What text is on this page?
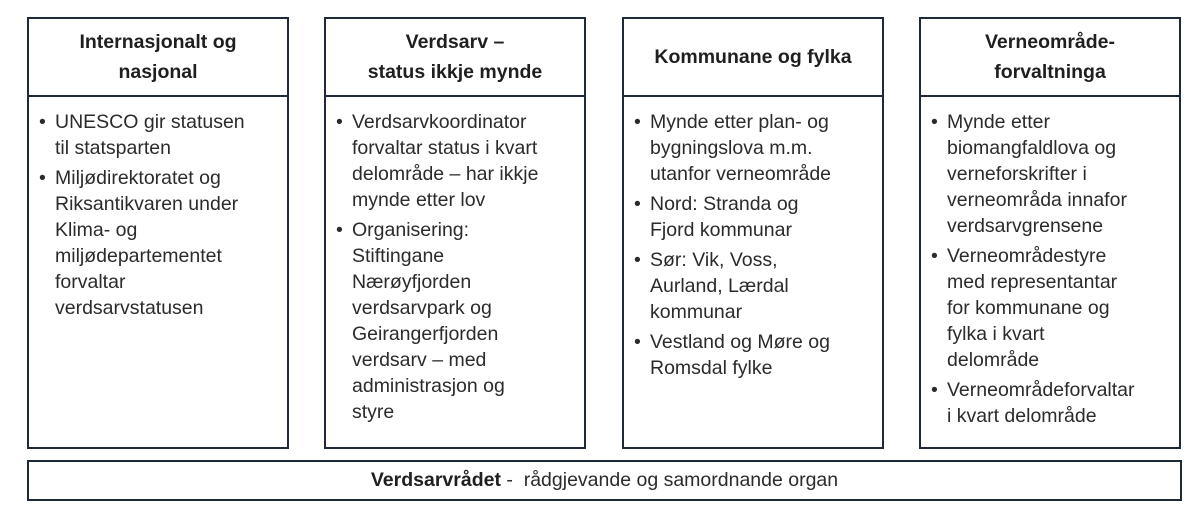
Internasjonalt og
nasjonal
• UNESCO gir statusen
til statsparten
• Miljødirektoratet og
Riksantikvaren under
Klima- og
miljødepartementet
forvaltar
verdsarvstatusen
Verdsarv –
status ikkje mynde
• Verdsarvkoordinator
forvaltar status i kvart
delområde – har ikkje
mynde etter lov
• Organisering:
Stiftingane
Nærøyfjorden
verdsarvpark og
Geirangerfjorden
verdsarv – med
administrasjon og
styre
Kommunane og fylka
• Mynde etter plan- og
bygningslova m.m.
utanfor verneområde
• Nord: Stranda og
Fjord kommunar
• Sør: Vik, Voss,
Aurland, Lærdal
kommunar
• Vestland og Møre og
Romsdal fylke
Verneområde-
forvaltninga
• Mynde etter
biomangfaldlova og
verneforskrifter i
verneområda innafor
verdsarvgrensene
• Verneområdestyre
med representantar
for kommunane og
fylka i kvart
delområde
• Verneområdeforvaltar
i kvart delområde
Verdsarvrådet -  rådgjevande og samordnande organ
